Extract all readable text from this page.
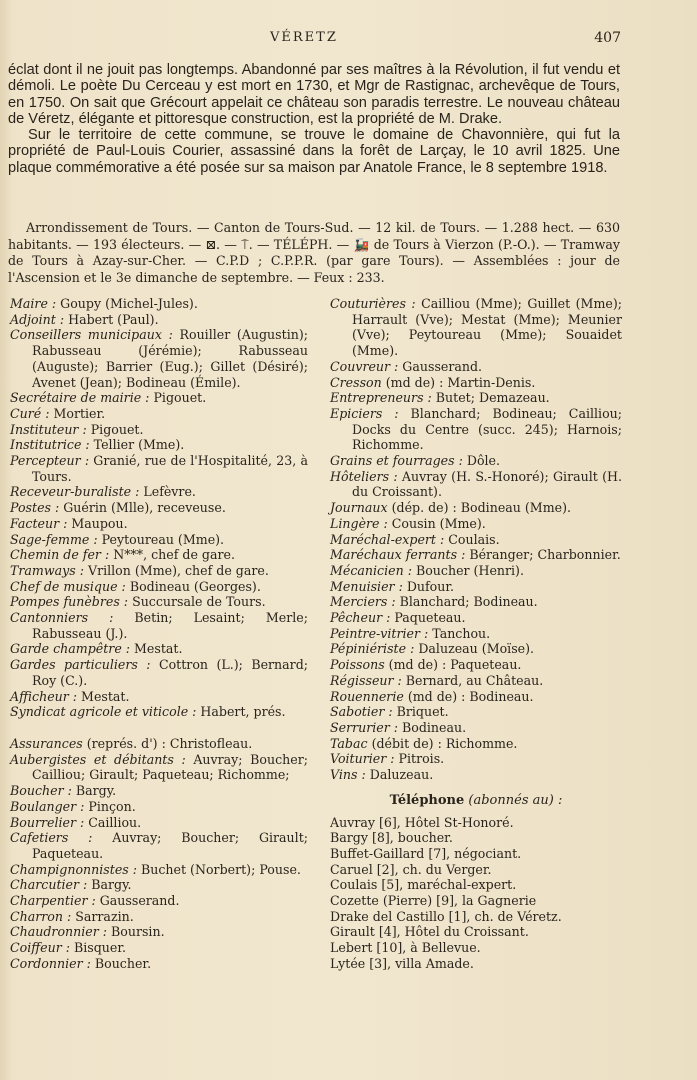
VÉRETZ	407

éclat dont il ne jouit pas longtemps. Abandonné par ses maîtres à la Révolution, il fut vendu et démoli. Le poète Du Cerceau y est mort en 1730, et Mgr de Rastignac, archevêque de Tours, en 1750. On sait que Grécourt appelait ce château son paradis terrestre. Le nouveau château de Véretz, élégante et pittoresque construction, est la propriété de M. Drake.

Sur le territoire de cette commune, se trouve le domaine de Chavonnière, qui fut la propriété de Paul-Louis Courier, assassiné dans la forêt de Larçay, le 10 avril 1825. Une plaque commémorative a été posée sur sa maison par Anatole France, le 8 septembre 1918.

Arrondissement de Tours. — Canton de Tours-Sud. — 12 kil. de Tours. — 1.288 hect. — 630 habitants. — 193 électeurs. — ⊠. — ⍑. — TÉLÉPH. — 🚂 de Tours à Vierzon (P.-O.). — Tramway de Tours à Azay-sur-Cher. — C.P.D ; C.P.P.R. (par gare Tours). — Assemblées : jour de l'Ascension et le 3e dimanche de septembre. — Feux : 233.

Maire : Goupy (Michel-Jules).

Adjoint : Habert (Paul).

Conseillers municipaux : Rouiller (Augustin); Rabusseau (Jérémie); Rabusseau (Auguste); Barrier (Eug.); Gillet (Désiré); Avenet (Jean); Bodineau (Émile).

Secrétaire de mairie : Pigouet.

Curé : Mortier.

Instituteur : Pigouet.

Institutrice : Tellier (Mme).

Percepteur : Granié, rue de l'Hospitalité, 23, à Tours.

Receveur-buraliste : Lefèvre.

Postes : Guérin (Mlle), receveuse.

Facteur : Maupou.

Sage-femme : Peytoureau (Mme).

Chemin de fer : N***, chef de gare.

Tramways : Vrillon (Mme), chef de gare.

Chef de musique : Bodineau (Georges).

Pompes funèbres : Succursale de Tours.

Cantonniers : Betin; Lesaint; Merle; Rabusseau (J.).

Garde champêtre : Mestat.

Gardes particuliers : Cottron (L.); Bernard; Roy (C.).

Afficheur : Mestat.

Syndicat agricole et viticole : Habert, prés.

Assurances (représ. d') : Christofleau.

Aubergistes et débitants : Auvray; Boucher; Cailliou; Girault; Paqueteau; Richomme;

Boucher : Bargy.

Boulanger : Pinçon.

Bourrelier : Cailliou.

Cafetiers : Auvray; Boucher; Girault; Paqueteau.

Champignonnistes : Buchet (Norbert); Pouse.

Charcutier : Bargy.

Charpentier : Gausserand.

Charron : Sarrazin.

Chaudronnier : Boursin.

Coiffeur : Bisquer.

Cordonnier : Boucher.

Couturières : Cailliou (Mme); Guillet (Mme); Harrault (Vve); Mestat (Mme); Meunier (Vve); Peytoureau (Mme); Souaidet (Mme).

Couvreur : Gausserand.

Cresson (md de) : Martin-Denis.

Entrepreneurs : Butet; Demazeau.

Epiciers : Blanchard; Bodineau; Cailliou; Docks du Centre (succ. 245); Harnois; Richomme.

Grains et fourrages : Dôle.

Hôteliers : Auvray (H. S.-Honoré); Girault (H. du Croissant).

Journaux (dép. de) : Bodineau (Mme).

Lingère : Cousin (Mme).

Maréchal-expert : Coulais.

Maréchaux ferrants : Béranger; Charbonnier.

Mécanicien : Boucher (Henri).

Menuisier : Dufour.

Merciers : Blanchard; Bodineau.

Pêcheur : Paqueteau.

Peintre-vitrier : Tanchou.

Pépiniériste : Daluzeau (Moïse).

Poissons (md de) : Paqueteau.

Régisseur : Bernard, au Château.

Rouennerie (md de) : Bodineau.

Sabotier : Briquet.

Serrurier : Bodineau.

Tabac (débit de) : Richomme.

Voiturier : Pitrois.

Vins : Daluzeau.

Téléphone (abonnés au) :

Auvray [6], Hôtel St-Honoré.

Bargy [8], boucher.

Buffet-Gaillard [7], négociant.

Caruel [2], ch. du Verger.

Coulais [5], maréchal-expert.

Cozette (Pierre) [9], la Gagnerie

Drake del Castillo [1], ch. de Véretz.

Girault [4], Hôtel du Croissant.

Lebert [10], à Bellevue.

Lytée [3], villa Amade.
